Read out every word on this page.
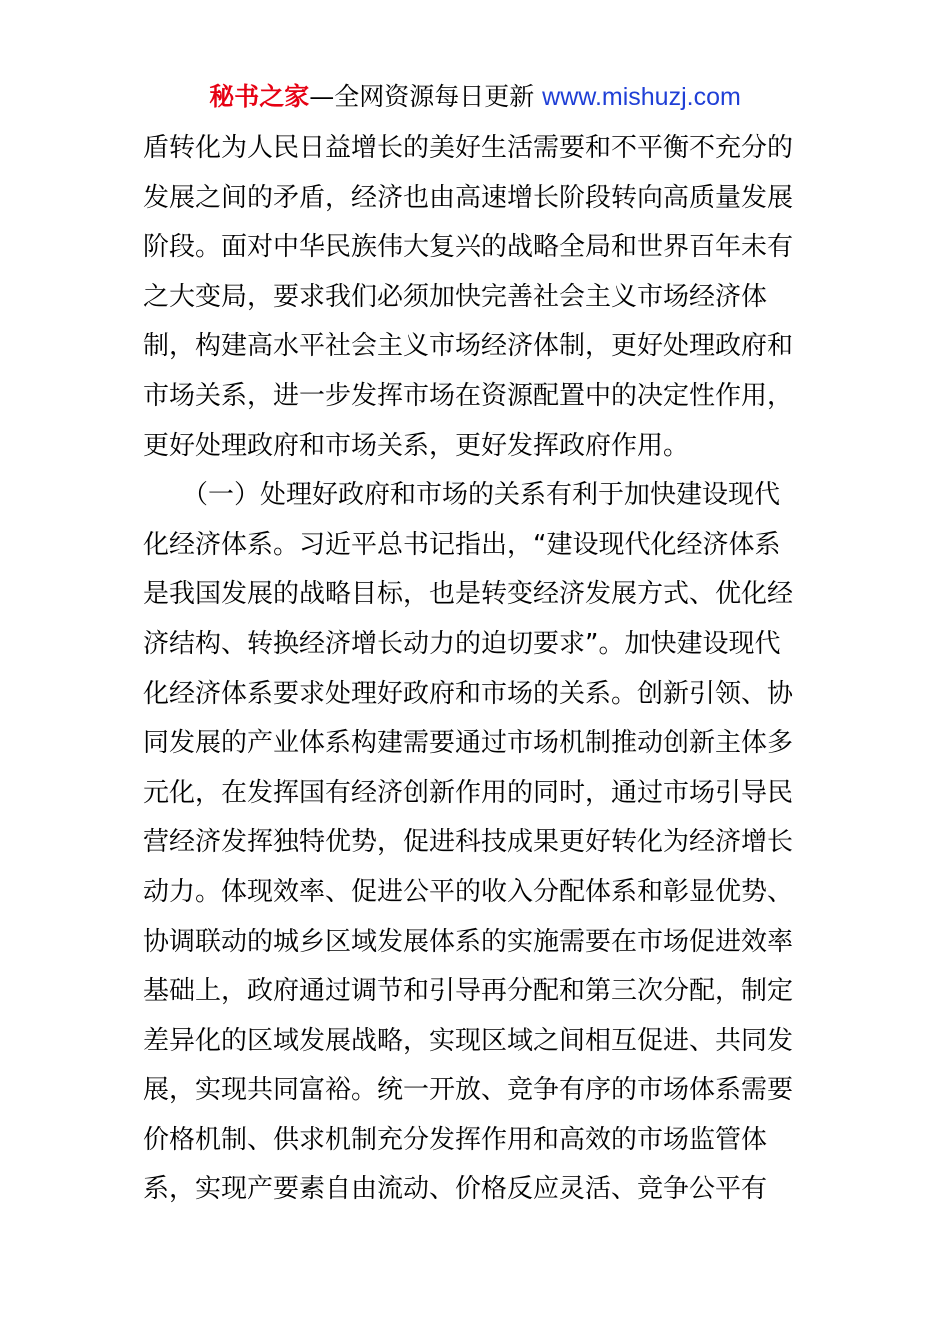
秘书之家—全网资源每日更新 www.mishuzj.com
盾转化为人民日益增长的美好生活需要和不平衡不充分的
发展之间的矛盾，经济也由高速增长阶段转向高质量发展
阶段。面对中华民族伟大复兴的战略全局和世界百年未有
之大变局，要求我们必须加快完善社会主义市场经济体
制，构建高水平社会主义市场经济体制，更好处理政府和
市场关系，进一步发挥市场在资源配置中的决定性作用，
更好处理政府和市场关系，更好发挥政府作用。
　　（一）处理好政府和市场的关系有利于加快建设现代
化经济体系。习近平总书记指出，“建设现代化经济体系
是我国发展的战略目标，也是转变经济发展方式、优化经
济结构、转换经济增长动力的迫切要求”。加快建设现代
化经济体系要求处理好政府和市场的关系。创新引领、协
同发展的产业体系构建需要通过市场机制推动创新主体多
元化，在发挥国有经济创新作用的同时，通过市场引导民
营经济发挥独特优势，促进科技成果更好转化为经济增长
动力。体现效率、促进公平的收入分配体系和彰显优势、
协调联动的城乡区域发展体系的实施需要在市场促进效率
基础上，政府通过调节和引导再分配和第三次分配，制定
差异化的区域发展战略，实现区域之间相互促进、共同发
展，实现共同富裕。统一开放、竞争有序的市场体系需要
价格机制、供求机制充分发挥作用和高效的市场监管体
系，实现产要素自由流动、价格反应灵活、竞争公平有
